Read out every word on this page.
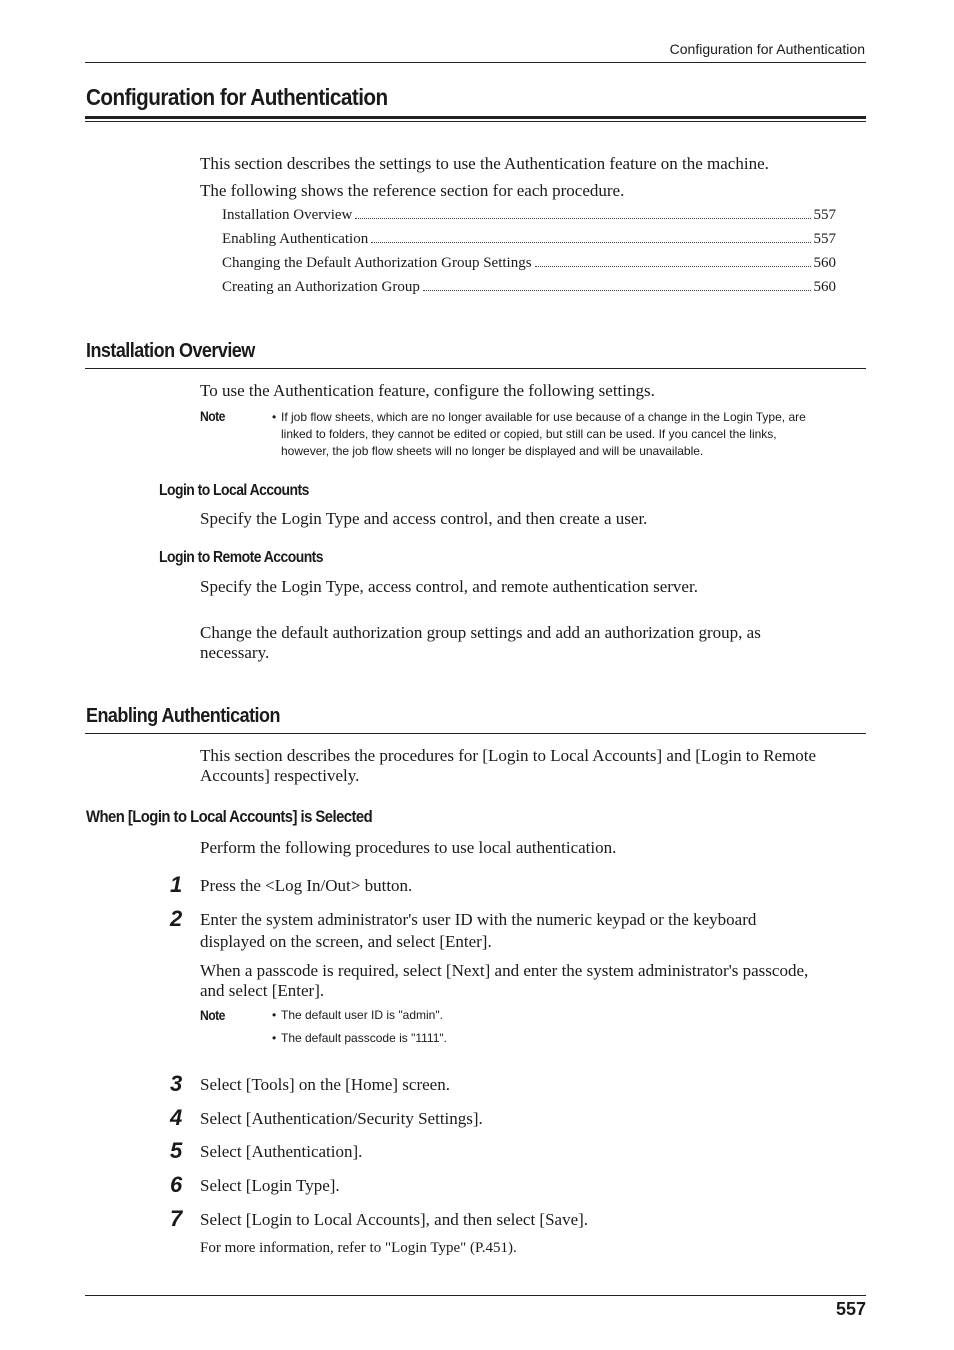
Configuration for Authentication
Configuration for Authentication
This section describes the settings to use the Authentication feature on the machine.
The following shows the reference section for each procedure.
Installation Overview	557
Enabling Authentication	557
Changing the Default Authorization Group Settings	560
Creating an Authorization Group	560
Installation Overview
To use the Authentication feature, configure the following settings.
Note	• If job flow sheets, which are no longer available for use because of a change in the Login Type, are
linked to folders, they cannot be edited or copied, but still can be used. If you cancel the links,
however, the job flow sheets will no longer be displayed and will be unavailable.
Login to Local Accounts
Specify the Login Type and access control, and then create a user.
Login to Remote Accounts
Specify the Login Type, access control, and remote authentication server.
Change the default authorization group settings and add an authorization group, as
necessary.
Enabling Authentication
This section describes the procedures for [Login to Local Accounts] and [Login to Remote
Accounts] respectively.
When [Login to Local Accounts] is Selected
Perform the following procedures to use local authentication.
1 Press the <Log In/Out> button.
2 Enter the system administrator's user ID with the numeric keypad or the keyboard
displayed on the screen, and select [Enter].
When a passcode is required, select [Next] and enter the system administrator's passcode,
and select [Enter].
Note	• The default user ID is "admin".
• The default passcode is "1111".
3 Select [Tools] on the [Home] screen.
4 Select [Authentication/Security Settings].
5 Select [Authentication].
6 Select [Login Type].
7 Select [Login to Local Accounts], and then select [Save].
For more information, refer to "Login Type" (P.451).
557
